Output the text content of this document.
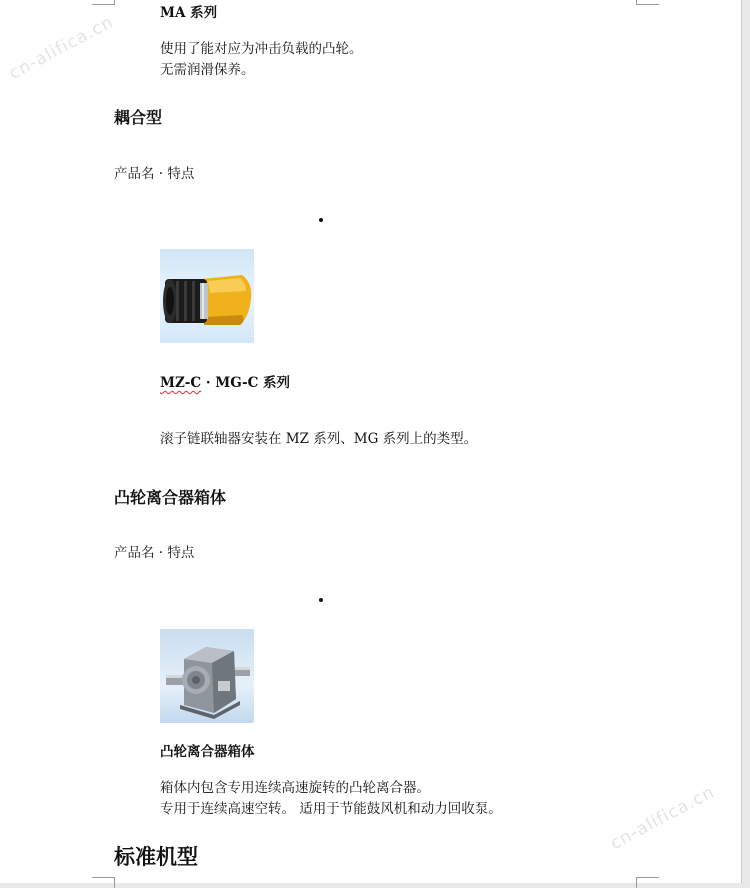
cn-alifica.cn
cn-alifica.cn
MA 系列
使用了能对应为冲击负载的凸轮。
无需润滑保养。
耦合型
产品名 · 特点
MZ-C · MG-C 系列
滚子链联轴器安装在 MZ 系列、MG 系列上的类型。
凸轮离合器箱体
产品名 · 特点
凸轮离合器箱体
箱体内包含专用连续高速旋转的凸轮离合器。
专用于连续高速空转。 适用于节能鼓风机和动力回收泵。
标准机型
